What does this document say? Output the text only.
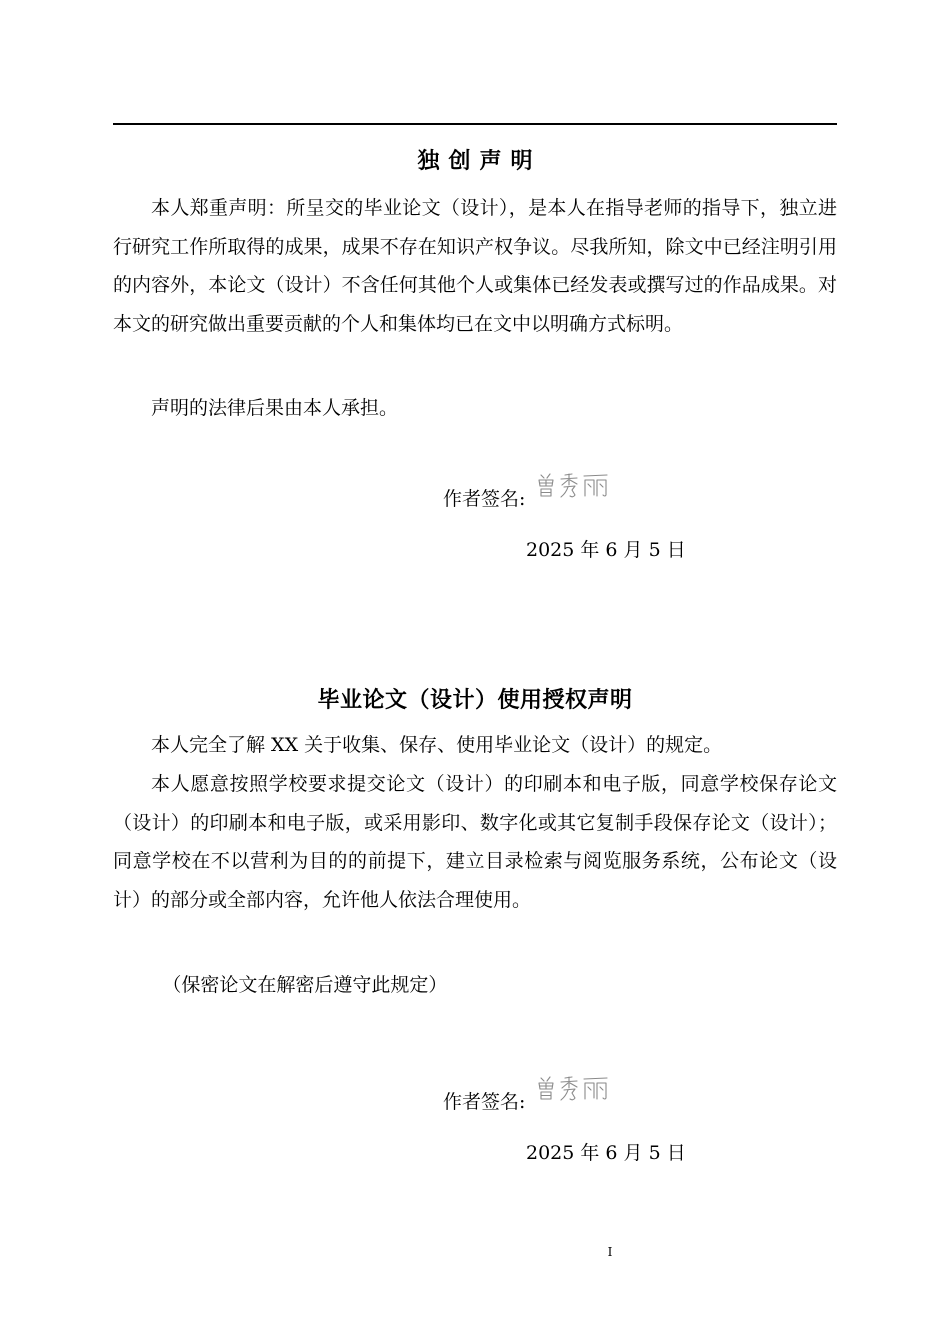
独创声明

本人郑重声明：所呈交的毕业论文（设计），是本人在指导老师的指导下，独立进行研究工作所取得的成果，成果不存在知识产权争议。尽我所知，除文中已经注明引用的内容外，本论文（设计）不含任何其他个人或集体已经发表或撰写过的作品成果。对本文的研究做出重要贡献的个人和集体均已在文中以明确方式标明。

声明的法律后果由本人承担。

作者签名:
2025 年 6 月 5 日
毕业论文（设计）使用授权声明

本人完全了解 XX 关于收集、保存、使用毕业论文（设计）的规定。

本人愿意按照学校要求提交论文（设计）的印刷本和电子版，同意学校保存论文（设计）的印刷本和电子版，或采用影印、数字化或其它复制手段保存论文（设计）；同意学校在不以营利为目的的前提下，建立目录检索与阅览服务系统，公布论文（设计）的部分或全部内容，允许他人依法合理使用。

（保密论文在解密后遵守此规定）

作者签名:
2025 年 6 月 5 日
I
